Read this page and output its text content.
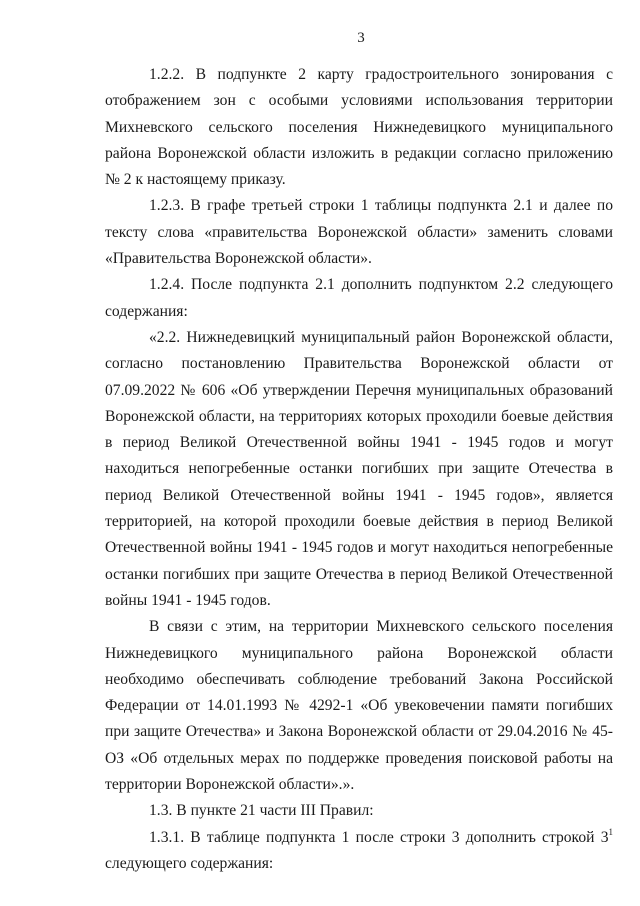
3

1.2.2. В подпункте 2 карту градостроительного зонирования с отображением зон с особыми условиями использования территории Михневского сельского поселения Нижнедевицкого муниципального района Воронежской области изложить в редакции согласно приложению № 2 к настоящему приказу.

1.2.3. В графе третьей строки 1 таблицы подпункта 2.1 и далее по тексту слова «правительства Воронежской области» заменить словами «Правительства Воронежской области».

1.2.4. После подпункта 2.1 дополнить подпунктом 2.2 следующего содержания:

«2.2. Нижнедевицкий муниципальный район Воронежской области, согласно постановлению Правительства Воронежской области от 07.09.2022 № 606 «Об утверждении Перечня муниципальных образований Воронежской области, на территориях которых проходили боевые действия в период Великой Отечественной войны 1941 - 1945 годов и могут находиться непогребенные останки погибших при защите Отечества в период Великой Отечественной войны 1941 - 1945 годов», является территорией, на которой проходили боевые действия в период Великой Отечественной войны 1941 - 1945 годов и могут находиться непогребенные останки погибших при защите Отечества в период Великой Отечественной войны 1941 - 1945 годов.

В связи с этим, на территории Михневского сельского поселения Нижнедевицкого муниципального района Воронежской области необходимо обеспечивать соблюдение требований Закона Российской Федерации от 14.01.1993 № 4292-1 «Об увековечении памяти погибших при защите Отечества» и Закона Воронежской области от 29.04.2016 № 45-ОЗ «Об отдельных мерах по поддержке проведения поисковой работы на территории Воронежской области».».

1.3. В пункте 21 части III Правил:

1.3.1. В таблице подпункта 1 после строки 3 дополнить строкой $3^1$ следующего содержания:
